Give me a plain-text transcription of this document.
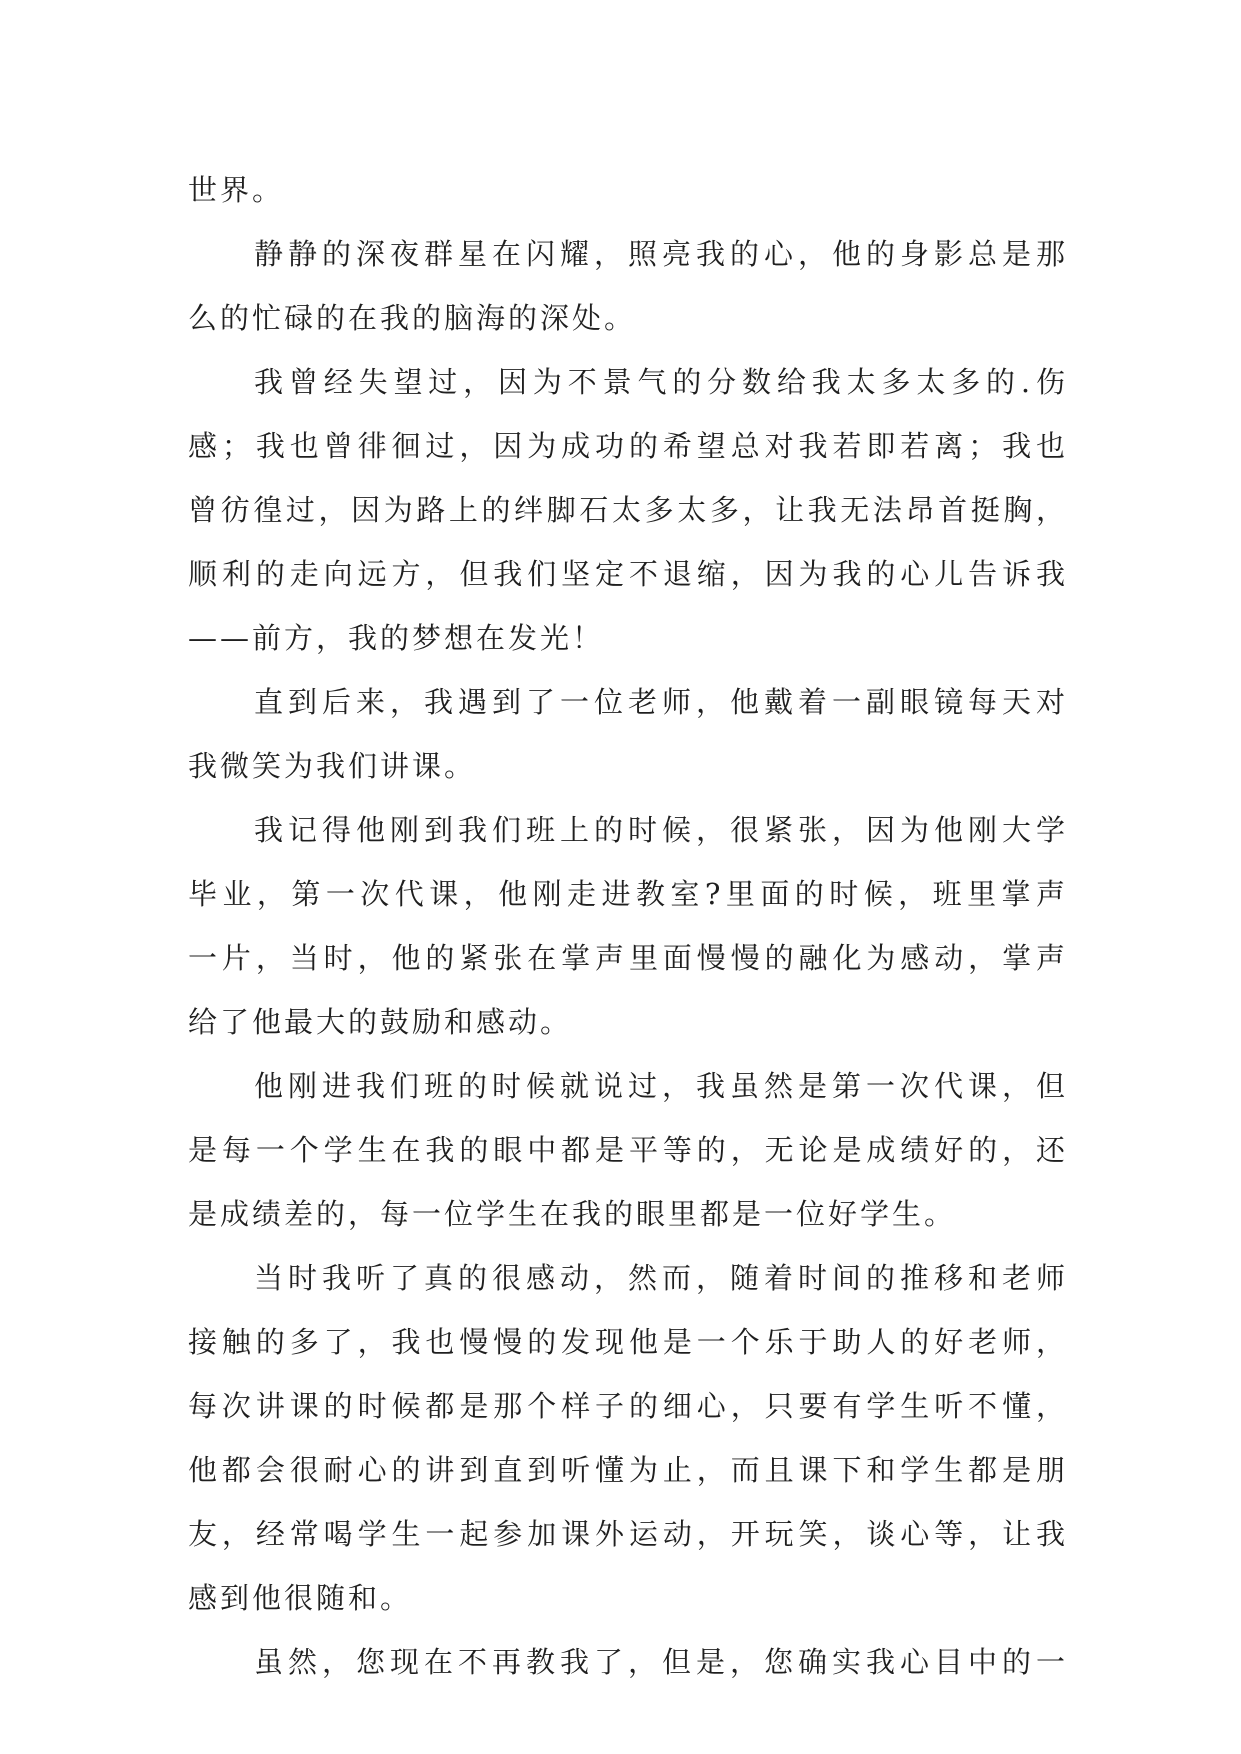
世界。
静静的深夜群星在闪耀，照亮我的心，他的身影总是那
么的忙碌的在我的脑海的深处。
我曾经失望过，因为不景气的分数给我太多太多的.伤
感；我也曾徘徊过，因为成功的希望总对我若即若离；我也
曾彷徨过，因为路上的绊脚石太多太多，让我无法昂首挺胸，
顺利的走向远方，但我们坚定不退缩，因为我的心儿告诉我
——前方，我的梦想在发光！
直到后来，我遇到了一位老师，他戴着一副眼镜每天对
我微笑为我们讲课。
我记得他刚到我们班上的时候，很紧张，因为他刚大学
毕业，第一次代课，他刚走进教室?里面的时候，班里掌声
一片，当时，他的紧张在掌声里面慢慢的融化为感动，掌声
给了他最大的鼓励和感动。
他刚进我们班的时候就说过，我虽然是第一次代课，但
是每一个学生在我的眼中都是平等的，无论是成绩好的，还
是成绩差的，每一位学生在我的眼里都是一位好学生。
当时我听了真的很感动，然而，随着时间的推移和老师
接触的多了，我也慢慢的发现他是一个乐于助人的好老师，
每次讲课的时候都是那个样子的细心，只要有学生听不懂，
他都会很耐心的讲到直到听懂为止，而且课下和学生都是朋
友，经常喝学生一起参加课外运动，开玩笑，谈心等，让我
感到他很随和。
虽然，您现在不再教我了，但是，您确实我心目中的一
